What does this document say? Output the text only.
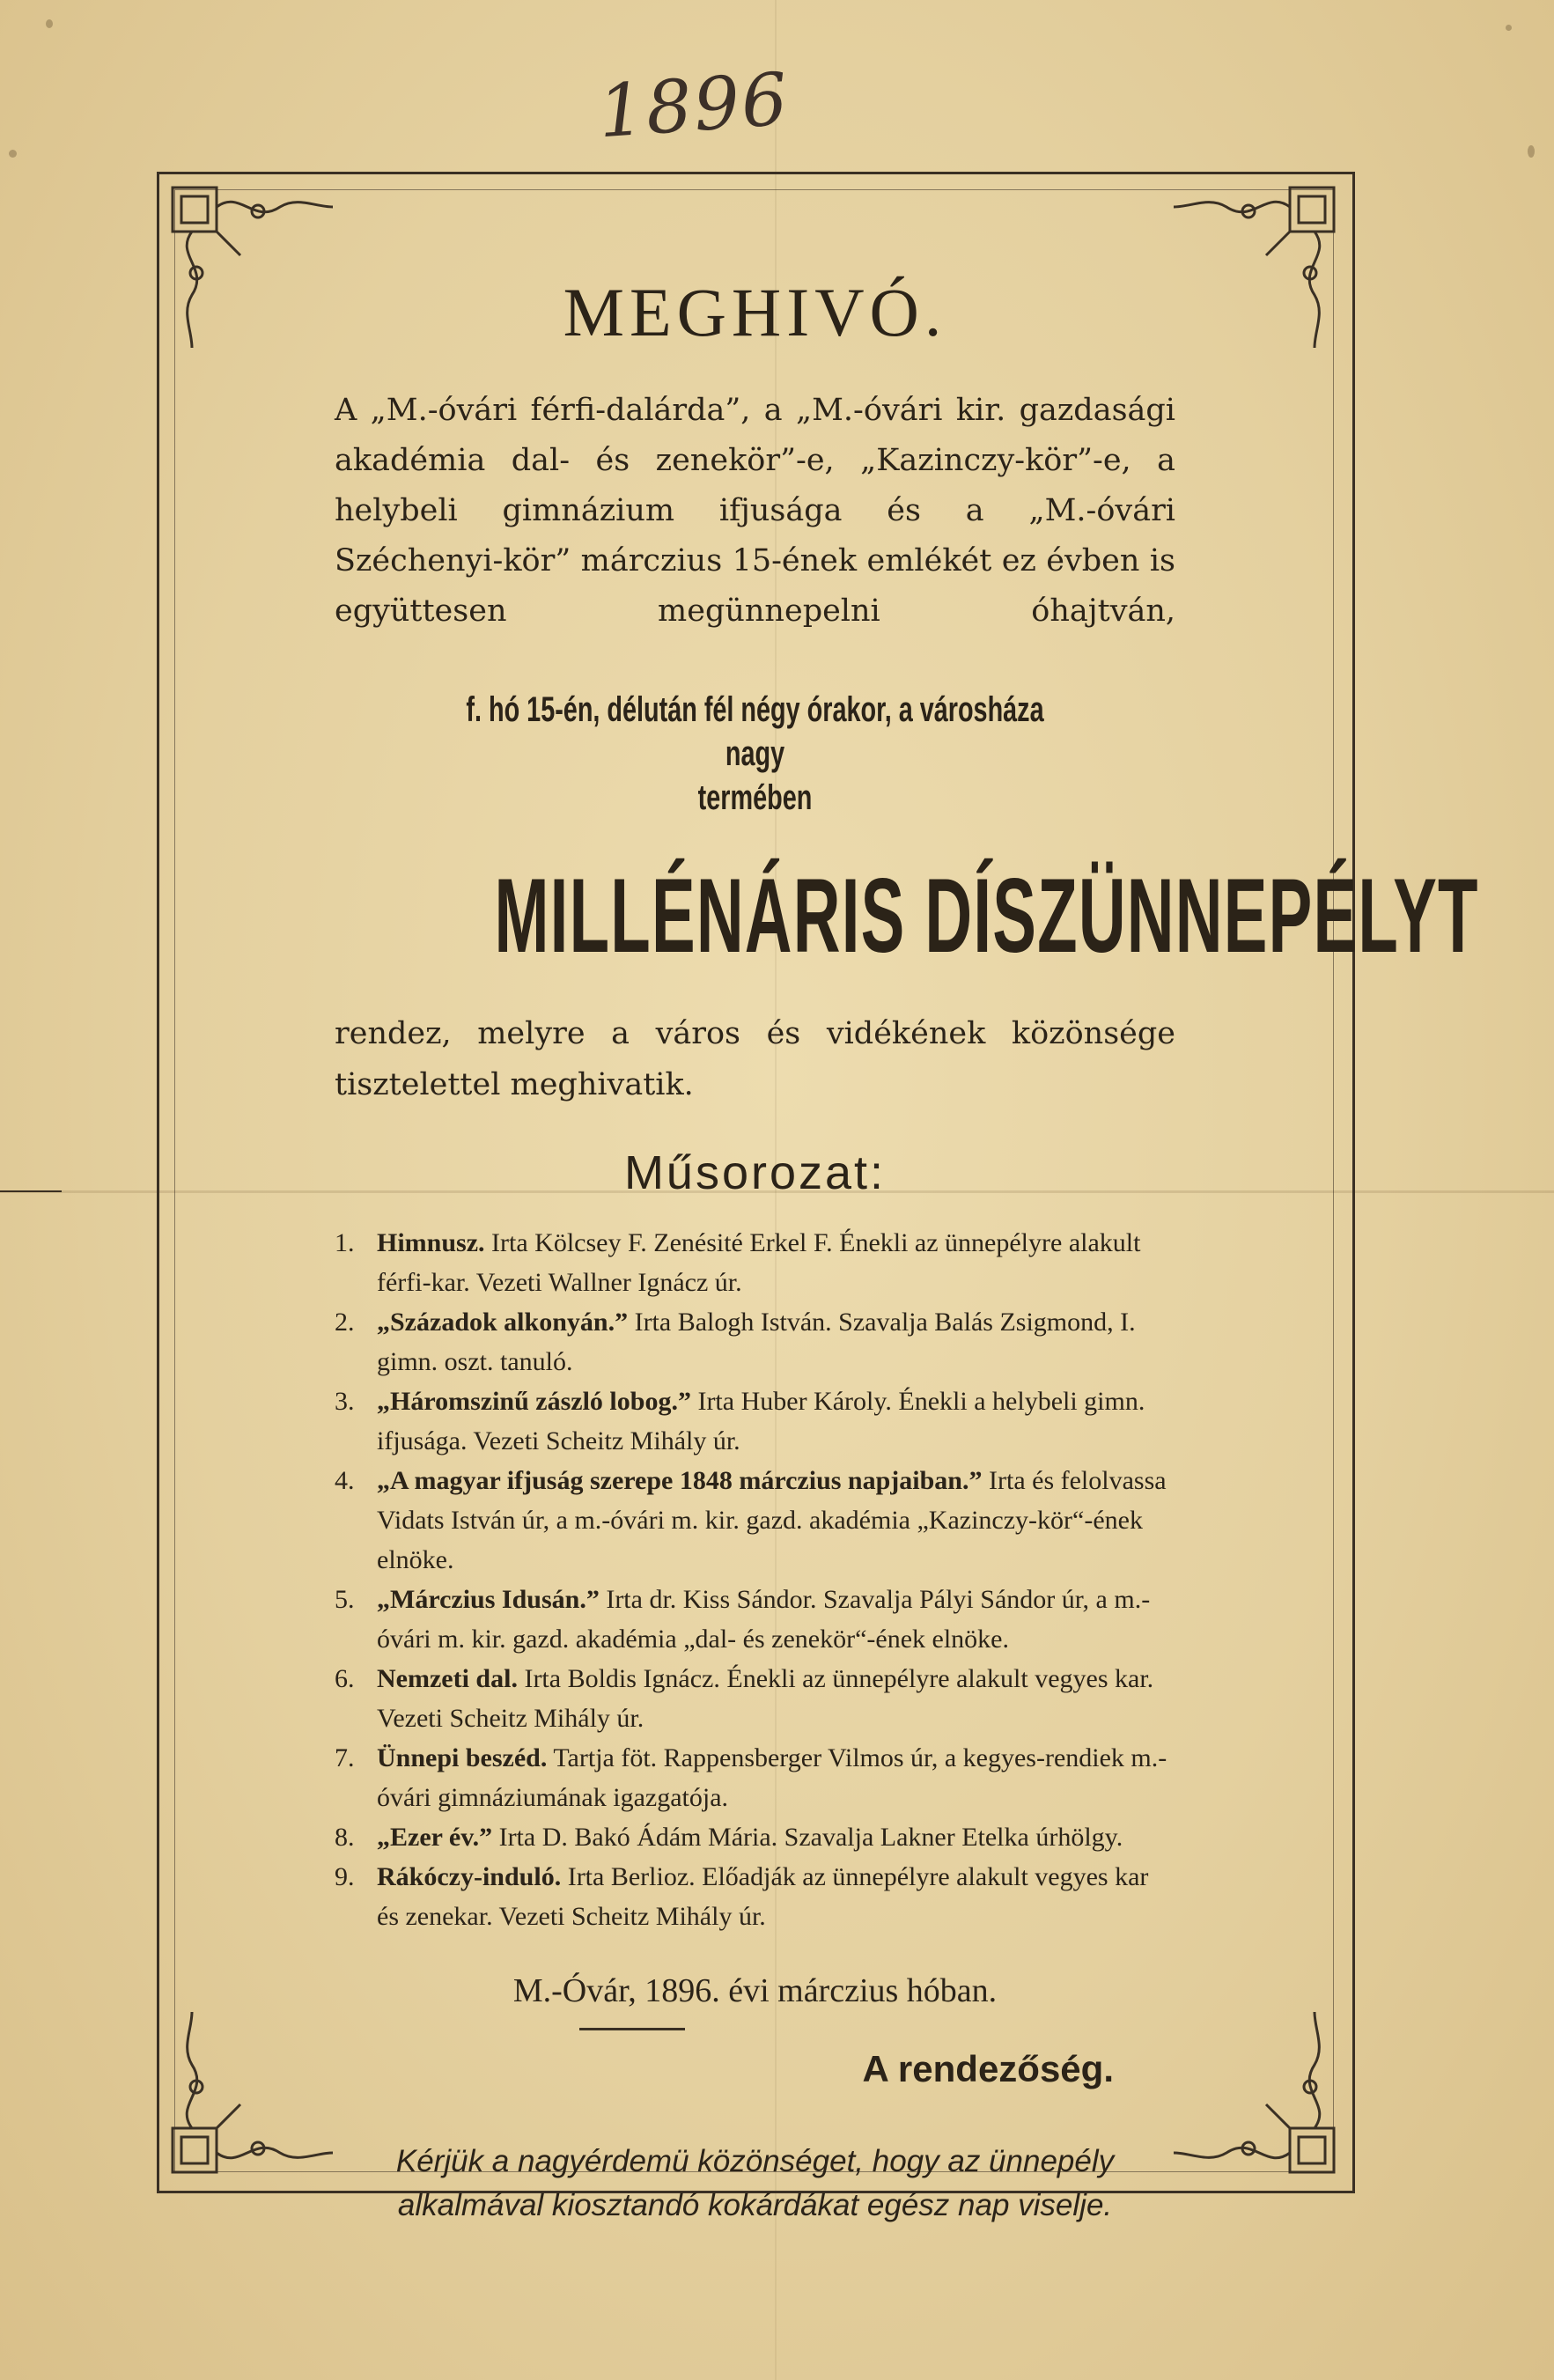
1896
MEGHIVÓ.
A „M.-óvári férfi-dalárda”, a „M.-óvári kir. gazdasági akadémia dal- és zenekör”-e, „Kazinczy-kör”-e, a helybeli gimnázium ifjusága és a „M.-óvári Széchenyi-kör” márczius 15-ének emlékét ez évben is együttesen megünnepelni óhajtván,
f. hó 15-én, délután fél négy órakor, a városháza nagy
termében
MILLÉNÁRIS DÍSZÜNNEPÉLYT
rendez, melyre a város és vidékének közönsége tisztelettel meghivatik.
Műsorozat:
1. Himnusz. Irta Kölcsey F. Zenésité Erkel F. Énekli az ünnepélyre alakult férfi-kar. Vezeti Wallner Ignácz úr.
2. „Századok alkonyán.” Irta Balogh István. Szavalja Balás Zsigmond, I. gimn. oszt. tanuló.
3. „Háromszinű zászló lobog.” Irta Huber Károly. Énekli a helybeli gimn. ifjusága. Vezeti Scheitz Mihály úr.
4. „A magyar ifjuság szerepe 1848 márczius napjaiban.” Irta és felolvassa Vidats István úr, a m.-óvári m. kir. gazd. akadémia „Kazinczy-kör“-ének elnöke.
5. „Márczius Idusán.” Irta dr. Kiss Sándor. Szavalja Pályi Sándor úr, a m.-óvári m. kir. gazd. akadémia „dal- és zenekör“-ének elnöke.
6. Nemzeti dal. Irta Boldis Ignácz. Énekli az ünnepélyre alakult vegyes kar. Vezeti Scheitz Mihály úr.
7. Ünnepi beszéd. Tartja föt. Rappensberger Vilmos úr, a kegyes-rendiek m.-óvári gimnáziumának igazgatója.
8. „Ezer év.” Irta D. Bakó Ádám Mária. Szavalja Lakner Etelka úrhölgy.
9. Rákóczy-induló. Irta Berlioz. Előadják az ünnepélyre alakult vegyes kar és zenekar. Vezeti Scheitz Mihály úr.
M.-Óvár, 1896. évi márczius hóban.
A rendezőség.
Kérjük a nagyérdemü közönséget, hogy az ünnepély alkalmával kiosztandó kokárdákat egész nap viselje.
